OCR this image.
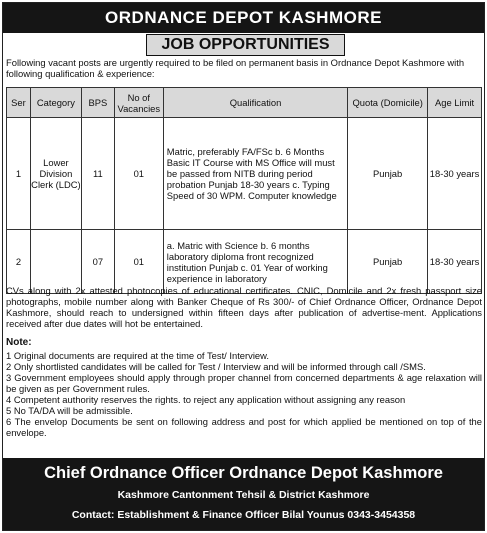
ORDNANCE DEPOT KASHMORE
JOB OPPORTUNITIES
Following vacant posts are urgently required to be filed on permanent basis in Ordnance Depot Kashmore with following qualification & experience:
Ser	Category	BPS	No of Vacancies	Qualification	Quota (Domicile)	Age Limit
1	Lower Division Clerk (LDC)	11	01	Matric, preferably FA/FSc b. 6 Months Basic IT Course with MS Office will must be passed from NITB during period probation Punjab 18-30 years c. Typing Speed of 30 WPM. Computer knowledge	Punjab	18-30 years
2		07	01	a. Matric with Science b. 6 months laboratory diploma front recognized institution Punjab c. 01 Year of working experience in laboratory	Punjab	18-30 years
CVs along with 2x attested photocopies of educational certificates. CNIC, Domicile and 2x fresh passport size photographs, mobile number along with Banker Cheque of Rs 300/- of Chief Ordnance Officer, Ordnance Depot Kashmore, should reach to undersigned within fifteen days after publication of advertise-ment. Applications received after due dates will hot be entertained.
Note:
1 Original documents are required at the time of Test/ Interview.
2 Only shortlisted candidates will be called for Test / Interview and will be informed through call /SMS.
3 Government employees should apply through proper channel from concerned departments & age relaxation will be given as per Government rules.
4 Competent authority reserves the rights. to reject any application without assigning any reason
5 No TA/DA will be admissible.
6 The envelop Documents be sent on following address and post for which applied be mentioned on top of the envelope.
Chief Ordnance Officer Ordnance Depot Kashmore
Kashmore Cantonment Tehsil & District Kashmore
Contact: Establishment & Finance Officer Bilal Younus 0343-3454358
